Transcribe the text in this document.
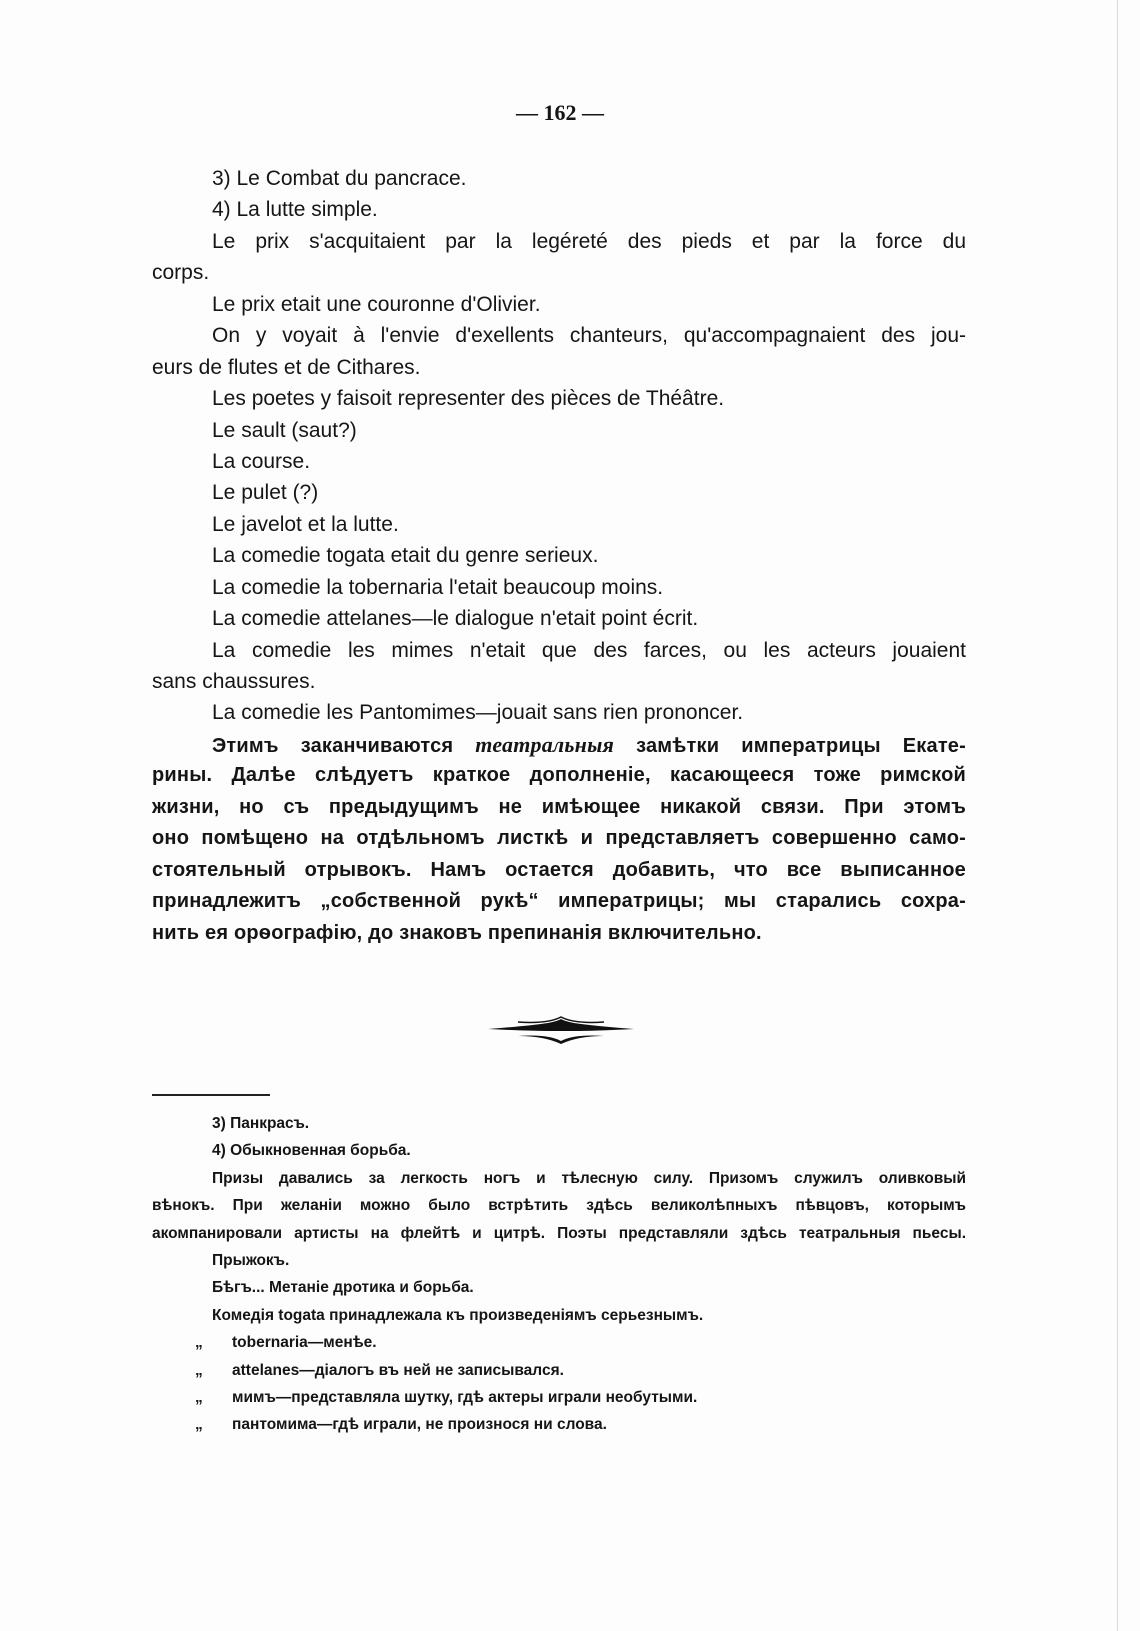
— 162 —
3) Le Combat du pancrace.
4) La lutte simple.
Le prix s'acquitaient par la legéreté des pieds et par la force du
corps.
Le prix etait une couronne d'Olivier.
On y voyait à l'envie d'exellents chanteurs, qu'accompagnaient des jou-
eurs de flutes et de Cithares.
Les poetes y faisoit representer des pièces de Théâtre.
Le sault (saut?)
La course.
Le pulet (?)
Le javelot et la lutte.
La comedie togata etait du genre serieux.
La comedie la tobernaria l'etait beaucoup moins.
La comedie attelanes—le dialogue n'etait point écrit.
La comedie les mimes n'etait que des farces, ou les acteurs jouaient
sans chaussures.
La comedie les Pantomimes—jouait sans rien prononcer.
Этимъ заканчиваются театральныя замѣтки императрицы Екате-
рины. Далѣе слѣдуетъ краткое дополненіе, касающееся тоже римской
жизни, но съ предыдущимъ не имѣющее никакой связи. При этомъ
оно помѣщено на отдѣльномъ листкѣ и представляетъ совершенно само-
стоятельный отрывокъ. Намъ остается добавить, что все выписанное
принадлежитъ „собственной рукѣ“ императрицы; мы старались сохра-
нить ея орѳографію, до знаковъ препинанія включительно.
3) Панкрасъ.
4) Обыкновенная борьба.
Призы давались за легкость ногъ и тѣлесную силу. Призомъ служилъ оливковый
вѣнокъ. При желаніи можно было встрѣтить здѣсь великолѣпныхъ пѣвцовъ, которымъ
акомпанировали артисты на флейтѣ и цитрѣ. Поэты представляли здѣсь театральныя пьесы.
Прыжокъ.
Бѣгъ... Метаніе дротика и борьба.
Комедія togata принадлежала къ произведеніямъ серьезнымъ.
„ tobernaria—менѣе.
„ attelanes—діалогъ въ ней не записывался.
„ мимъ—представляла шутку, гдѣ актеры играли необутыми.
„ пантомима—гдѣ играли, не произнося ни слова.
